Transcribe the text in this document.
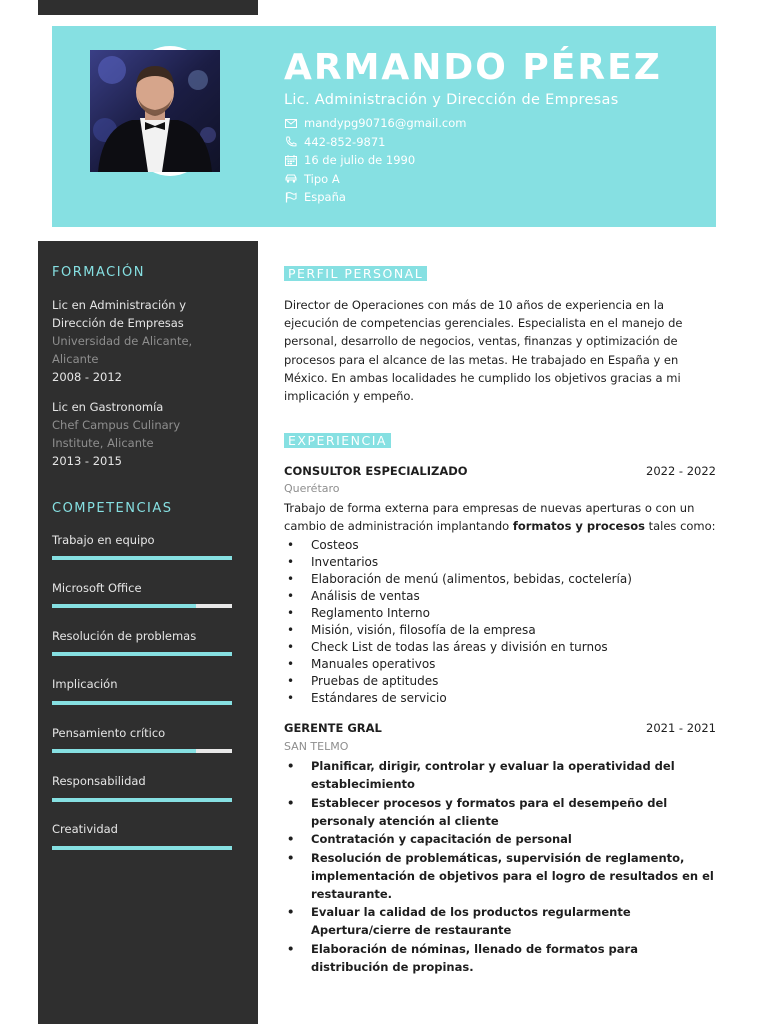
ARMANDO PÉREZ
Lic. Administración y Dirección de Empresas
mandypg90716@gmail.com
442-852-9871
16 de julio de 1990
Tipo A
España
FORMACIÓN
Lic en Administración y Dirección de Empresas
Universidad de Alicante, Alicante
2008 - 2012
Lic en Gastronomía
Chef Campus Culinary Institute, Alicante
2013 - 2015
COMPETENCIAS
Trabajo en equipo
Microsoft Office
Resolución de problemas
Implicación
Pensamiento crítico
Responsabilidad
Creatividad
PERFIL PERSONAL
Director de Operaciones con más de 10 años de experiencia en la ejecución de competencias gerenciales. Especialista en el manejo de personal, desarrollo de negocios, ventas, finanzas y optimización de procesos para el alcance de las metas. He trabajado en España y en México. En ambas localidades he cumplido los objetivos gracias a mi implicación y empeño.
EXPERIENCIA
CONSULTOR ESPECIALIZADO	2022 - 2022
Querétaro
Trabajo de forma externa para empresas de nuevas aperturas o con un cambio de administración implantando formatos y procesos tales como:
• Costeos
• Inventarios
• Elaboración de menú (alimentos, bebidas, coctelería)
• Análisis de ventas
• Reglamento Interno
• Misión, visión, filosofía de la empresa
• Check List de todas las áreas y división en turnos
• Manuales operativos
• Pruebas de aptitudes
• Estándares de servicio
GERENTE GRAL	2021 - 2021
SAN TELMO
• Planificar, dirigir, controlar y evaluar la operatividad del establecimiento
• Establecer procesos y formatos para el desempeño del personaly atención al cliente
• Contratación y capacitación de personal
• Resolución de problemáticas, supervisión de reglamento, implementación de objetivos para el logro de resultados en el restaurante.
• Evaluar la calidad de los productos regularmente Apertura/cierre de restaurante
• Elaboración de nóminas, llenado de formatos para distribución de propinas.
